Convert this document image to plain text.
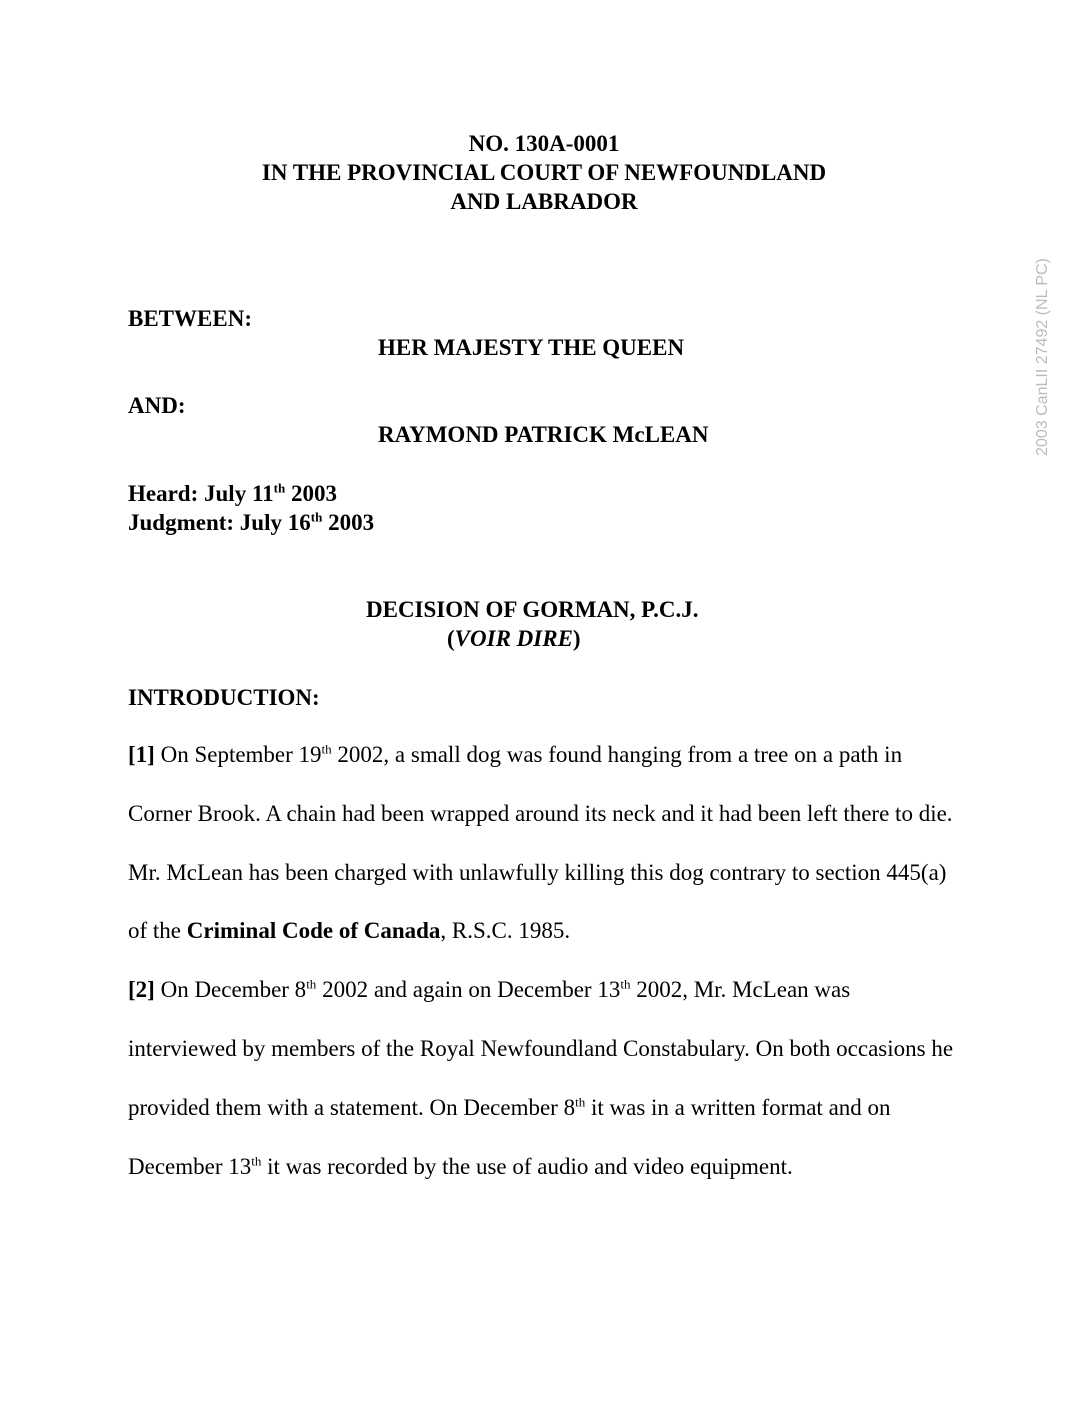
NO. 130A-0001
IN THE PROVINCIAL COURT OF NEWFOUNDLAND
AND LABRADOR
BETWEEN:
HER MAJESTY THE QUEEN
AND:
RAYMOND PATRICK McLEAN
Heard: July 11th 2003
Judgment: July 16th 2003
DECISION OF GORMAN, P.C.J.
(VOIR DIRE)
INTRODUCTION:

[1] On September 19th 2002, a small dog was found hanging from a tree on a path in Corner Brook. A chain had been wrapped around its neck and it had been left there to die. Mr. McLean has been charged with unlawfully killing this dog contrary to section 445(a) of the Criminal Code of Canada, R.S.C. 1985.

[2] On December 8th 2002 and again on December 13th 2002, Mr. McLean was interviewed by members of the Royal Newfoundland Constabulary. On both occasions he provided them with a statement. On December 8th it was in a written format and on December 13th it was recorded by the use of audio and video equipment.

2003 CanLII 27492 (NL PC)
